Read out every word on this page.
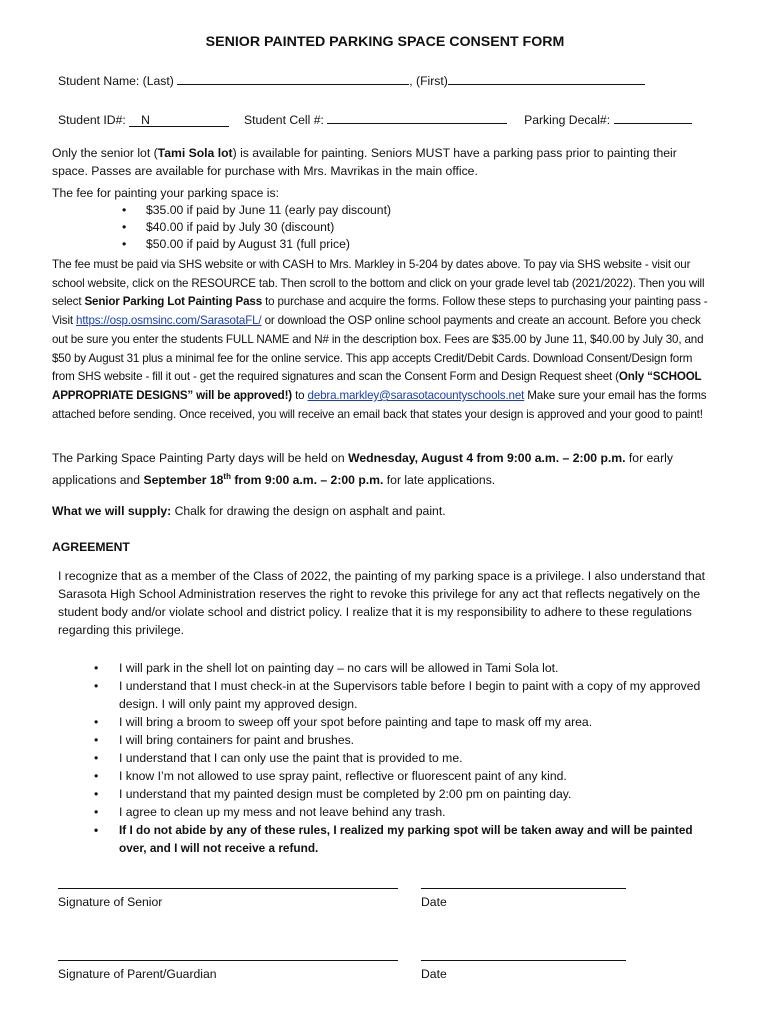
SENIOR PAINTED PARKING SPACE CONSENT FORM
Student Name: (Last)	, (First)
Student ID#: N	Student Cell #:	Parking Decal#:
Only the senior lot (Tami Sola lot) is available for painting. Seniors MUST have a parking pass prior to painting their space. Passes are available for purchase with Mrs. Mavrikas in the main office.
The fee for painting your parking space is:
• $35.00 if paid by June 11 (early pay discount)
• $40.00 if paid by July 30 (discount)
• $50.00 if paid by August 31 (full price)
The fee must be paid via SHS website or with CASH to Mrs. Markley in 5-204 by dates above. To pay via SHS website - visit our school website, click on the RESOURCE tab. Then scroll to the bottom and click on your grade level tab (2021/2022). Then you will select Senior Parking Lot Painting Pass to purchase and acquire the forms. Follow these steps to purchasing your painting pass - Visit https://osp.osmsinc.com/SarasotaFL/ or download the OSP online school payments and create an account. Before you check out be sure you enter the students FULL NAME and N# in the description box. Fees are $35.00 by June 11, $40.00 by July 30, and $50 by August 31 plus a minimal fee for the online service. This app accepts Credit/Debit Cards. Download Consent/Design form from SHS website - fill it out - get the required signatures and scan the Consent Form and Design Request sheet (Only “SCHOOL APPROPRIATE DESIGNS” will be approved!) to debra.markley@sarasotacountyschools.net Make sure your email has the forms attached before sending. Once received, you will receive an email back that states your design is approved and your good to paint!
The Parking Space Painting Party days will be held on Wednesday, August 4 from 9:00 a.m. – 2:00 p.m. for early applications and September 18th from 9:00 a.m. – 2:00 p.m. for late applications.
What we will supply: Chalk for drawing the design on asphalt and paint.
AGREEMENT
I recognize that as a member of the Class of 2022, the painting of my parking space is a privilege. I also understand that Sarasota High School Administration reserves the right to revoke this privilege for any act that reflects negatively on the student body and/or violate school and district policy. I realize that it is my responsibility to adhere to these regulations regarding this privilege.
• I will park in the shell lot on painting day – no cars will be allowed in Tami Sola lot.
• I understand that I must check-in at the Supervisors table before I begin to paint with a copy of my approved design. I will only paint my approved design.
• I will bring a broom to sweep off your spot before painting and tape to mask off my area.
• I will bring containers for paint and brushes.
• I understand that I can only use the paint that is provided to me.
• I know I’m not allowed to use spray paint, reflective or fluorescent paint of any kind.
• I understand that my painted design must be completed by 2:00 pm on painting day.
• I agree to clean up my mess and not leave behind any trash.
• If I do not abide by any of these rules, I realized my parking spot will be taken away and will be painted over, and I will not receive a refund.
Signature of Senior	Date
Signature of Parent/Guardian	Date
